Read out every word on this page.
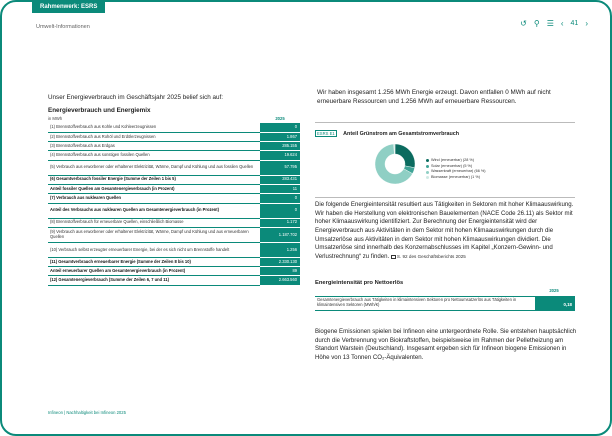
Rahmenwerk: ESRS
Umwelt-Informationen	↺ ⚲ ☰ ‹ 41 ›
Unser Energieverbrauch im Geschäftsjahr 2025 belief sich auf:
Wir haben insgesamt 1.256 MWh Energie erzeugt. Davon entfallen 0 MWh auf nicht erneuerbare Ressourcen und 1.256 MWh auf erneuerbare Ressourcen.
Energieverbrauch und Energiemix
in MWh	2025
(1) Brennstoffverbrauch aus Kohle und Kohleerzeugnissen	0
(2) Brennstoffverbrauch aus Rohöl und Erdölerzeugnissen	1.867
(3) Brennstoffverbrauch aus Erdgas	285.155
(4) Brennstoffverbrauch aus sonstigen fossilen Quellen	19.624
(5) Verbrauch aus erworbener oder erhaltener Elektrizität, Wärme, Dampf und Kühlung und aus fossilen Quellen	57.795
(6) Gesamtverbrauch fossiler Energie (Summe der Zeilen 1 bis 5)	283.431
Anteil fossiler Quellen am Gesamtenergieverbrauch (in Prozent)	11
(7) Verbrauch aus nuklearen Quellen	0
Anteil des Verbrauchs aus nuklearen Quellen am Gesamtenergieverbrauch (in Prozent)	0
(8) Brennstoffverbrauch für erneuerbare Quellen, einschließlich Biomasse	1.172
(9) Verbrauch aus erworbener oder erhaltener Elektrizität, Wärme, Dampf und Kühlung und aus erneuerbaren Quellen	1.187.702
(10) Verbrauch selbst erzeugter erneuerbarer Energie, bei der es sich nicht um Brennstoffe handelt	1.256
(11) Gesamtverbrauch erneuerbarer Energie (Summe der Zeilen 8 bis 10)	2.330.130
Anteil erneuerbarer Quellen am Gesamtenergieverbrauch (in Prozent)	89
(12) Gesamtenergieverbrauch (Summe der Zeilen 6, 7 und 11)	2.663.560
ESRS E1 Anteil Grünstrom am Gesamtstromverbrauch
Wind (erneuerbar) (28 %)
Solar (erneuerbar) (5 %)
Wasserkraft (erneuerbar) (66 %)
Biomasse (erneuerbar) (1 %)
Die folgende Energieintensität resultiert aus Tätigkeiten in Sektoren mit hoher Klimaauswirkung. Wir haben die Herstellung von elektronischen Bauelementen (NACE Code 26.11) als Sektor mit hoher Klimaauswirkung identifiziert. Zur Berechnung der Energieintensität wird der Energieverbrauch aus Aktivitäten in dem Sektor mit hohen Klimaauswirkungen durch die Umsatzerlöse aus Aktivitäten in dem Sektor mit hohen Klimaauswirkungen dividiert. Die Umsatzerlöse sind innerhalb des Konzernabschlusses im Kapitel „Konzern-Gewinn- und Verlustrechnung“ zu finden. S. 92 des Geschäftsberichts 2025
Energieintensität pro Nettoerlös
2025
Gesamtenergieverbrauch aus Tätigkeiten in klimaintensiven Sektoren pro Nettoumsatzerlös aus Tätigkeiten in klimaintensiven Sektoren (MWh/€)	0,18
Biogene Emissionen spielen bei Infineon eine untergeordnete Rolle. Sie entstehen hauptsächlich durch die Verbrennung von Biokraftstoffen, beispielsweise im Rahmen der Pelletheizung am Standort Warstein (Deutschland). Insgesamt ergeben sich für Infineon biogene Emissionen in Höhe von 13 Tonnen CO₂-Äquivalenten.
Infineon | Nachhaltigkeit bei Infineon 2025
